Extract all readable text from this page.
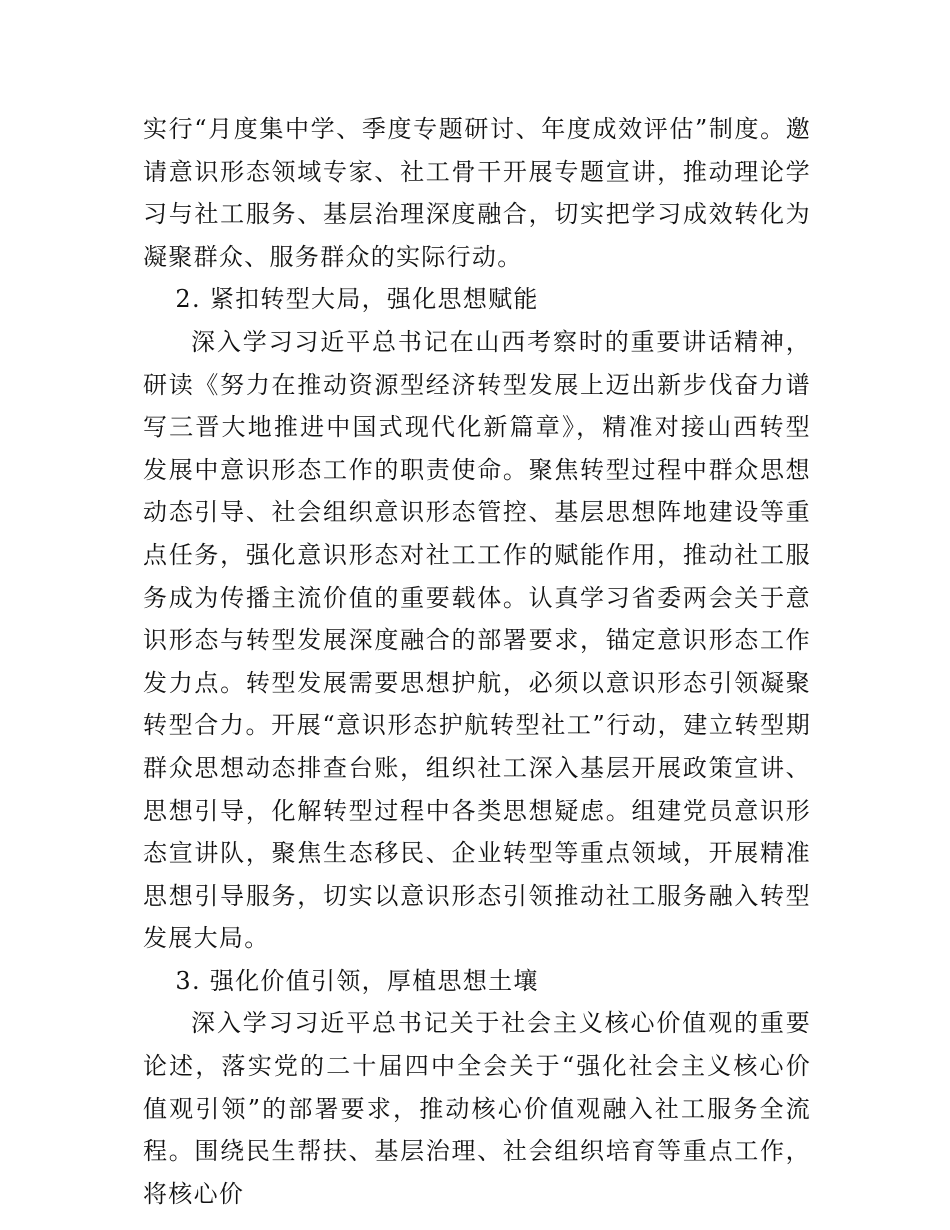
实行“月度集中学、季度专题研讨、年度成效评估”制度。邀请意识形态领域专家、社工骨干开展专题宣讲，推动理论学习与社工服务、基层治理深度融合，切实把学习成效转化为凝聚群众、服务群众的实际行动。

2. 紧扣转型大局，强化思想赋能

深入学习习近平总书记在山西考察时的重要讲话精神，研读《努力在推动资源型经济转型发展上迈出新步伐奋力谱写三晋大地推进中国式现代化新篇章》，精准对接山西转型发展中意识形态工作的职责使命。聚焦转型过程中群众思想动态引导、社会组织意识形态管控、基层思想阵地建设等重点任务，强化意识形态对社工工作的赋能作用，推动社工服务成为传播主流价值的重要载体。认真学习省委两会关于意识形态与转型发展深度融合的部署要求，锚定意识形态工作发力点。转型发展需要思想护航，必须以意识形态引领凝聚转型合力。开展“意识形态护航转型社工”行动，建立转型期群众思想动态排查台账，组织社工深入基层开展政策宣讲、思想引导，化解转型过程中各类思想疑虑。组建党员意识形态宣讲队，聚焦生态移民、企业转型等重点领域，开展精准思想引导服务，切实以意识形态引领推动社工服务融入转型发展大局。

3. 强化价值引领，厚植思想土壤

深入学习习近平总书记关于社会主义核心价值观的重要论述，落实党的二十届四中全会关于“强化社会主义核心价值观引领”的部署要求，推动核心价值观融入社工服务全流程。围绕民生帮扶、基层治理、社会组织培育等重点工作，将核心价
